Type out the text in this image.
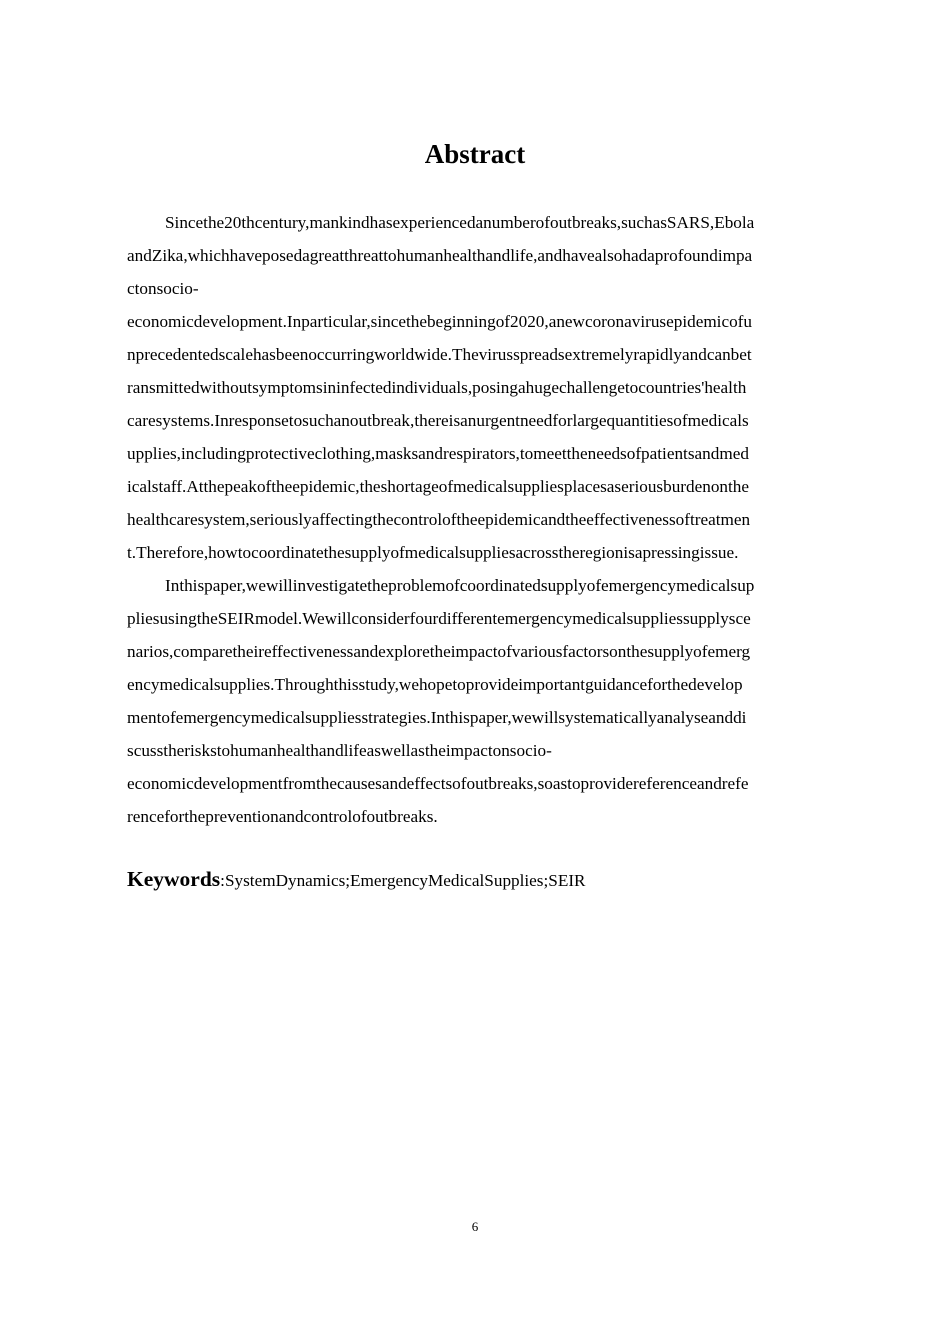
Abstract
Sincethe20thcentury,mankindhasexperiencedanumberofoutbreaks,suchasSARS,Ebola
andZika,whichhaveposedagreatthreattohumanhealthandlife,andhavealsohadaprofoundimpa
ctonsocio-
economicdevelopment.Inparticular,sincethebeginningof2020,anewcoronavirusepidemicofu
nprecedentedscalehasbeenoccurringworldwide.Thevirusspreadsextremelyrapidlyandcanbet
ransmittedwithoutsymptomsininfectedindividuals,posingahugechallengetocountries'health
caresystems.Inresponsetosuchanoutbreak,thereisanurgentneedforlargequantitiesofmedicals
upplies,includingprotectiveclothing,masksandrespirators,tomeettheneedsofpatientsandmed
icalstaff.Atthepeakoftheepidemic,theshortageofmedicalsuppliesplacesaseriousburdenonthe
healthcaresystem,seriouslyaffectingthecontroloftheepidemicandtheeffectivenessoftreatmen
t.Therefore,howtocoordinatethesupplyofmedicalsuppliesacrosstheregionisapressingissue.
Inthispaper,wewillinvestigatetheproblemofcoordinatedsupplyofemergencymedicalsup
pliesusingtheSEIRmodel.Wewillconsiderfourdifferentemergencymedicalsuppliessupplysce
narios,comparetheireffectivenessandexploretheimpactofvariousfactorsonthesupplyofemerg
encymedicalsupplies.Throughthisstudy,wehopetoprovideimportantguidanceforthedevelop
mentofemergencymedicalsuppliesstrategies.Inthispaper,wewillsystematicallyanalyseanddi
scusstheriskstohumanhealthandlifeaswellastheimpactonsocio-
economicdevelopmentfromthecausesandeffectsofoutbreaks,soastoprovidereferenceandrefe
renceforthepreventionandcontrolofoutbreaks.
Keywords:SystemDynamics;EmergencyMedicalSupplies;SEIR
6
